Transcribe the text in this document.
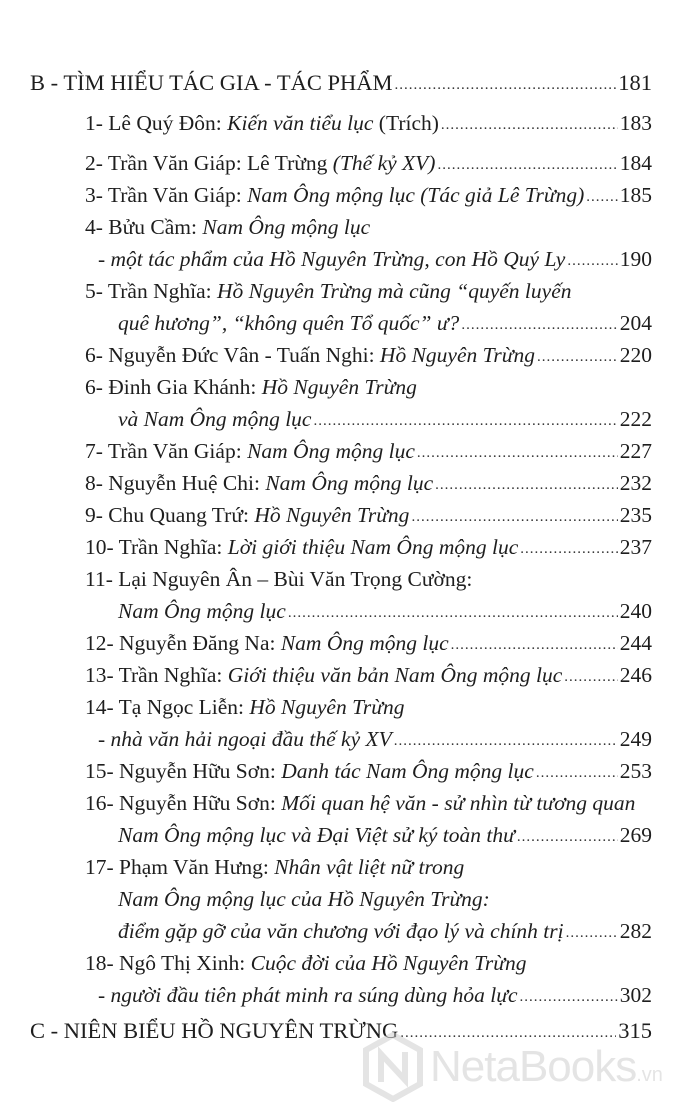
B - TÌM HIỂU TÁC GIA - TÁC PHẨM .....	181
1- Lê Quý Đôn: Kiến văn tiểu lục (Trích) .....	183
2- Trần Văn Giáp: Lê Trừng (Thế kỷ XV) .....	184
3- Trần Văn Giáp: Nam Ông mộng lục (Tác giả Lê Trừng) ..... 185
4- Bửu Cầm: Nam Ông mộng lục
- một tác phẩm của Hồ Nguyên Trừng, con Hồ Quý Ly .....	190
5- Trần Nghĩa: Hồ Nguyên Trừng mà cũng “quyến luyến
quê hương”, “không quên Tổ quốc” ư? .....	204
6- Nguyễn Đức Vân - Tuấn Nghi: Hồ Nguyên Trừng .....	220
6- Đinh Gia Khánh: Hồ Nguyên Trừng
và Nam Ông mộng lục .....	222
7- Trần Văn Giáp: Nam Ông mộng lục .....	227
8- Nguyễn Huệ Chi: Nam Ông mộng lục .....	232
9- Chu Quang Trứ: Hồ Nguyên Trừng .....	235
10- Trần Nghĩa: Lời giới thiệu Nam Ông mộng lục .....	237
11- Lại Nguyên Ân – Bùi Văn Trọng Cường:
Nam Ông mộng lục .....	240
12- Nguyễn Đăng Na: Nam Ông mộng lục .....	244
13- Trần Nghĩa: Giới thiệu văn bản Nam Ông mộng lục .....	246
14- Tạ Ngọc Liễn: Hồ Nguyên Trừng
- nhà văn hải ngoại đầu thế kỷ XV .....	249
15- Nguyễn Hữu Sơn: Danh tác Nam Ông mộng lục .....	253
16- Nguyễn Hữu Sơn: Mối quan hệ văn - sử nhìn từ tương quan
Nam Ông mộng lục và Đại Việt sử ký toàn thư .....	269
17- Phạm Văn Hưng: Nhân vật liệt nữ trong
Nam Ông mộng lục của Hồ Nguyên Trừng:
điểm gặp gỡ của văn chương với đạo lý và chính trị .....	282
18- Ngô Thị Xinh: Cuộc đời của Hồ Nguyên Trừng
- người đầu tiên phát minh ra súng dùng hỏa lực .....	302
C - NIÊN BIỂU HỒ NGUYÊN TRỪNG .....	315
NetaBooks.vn
